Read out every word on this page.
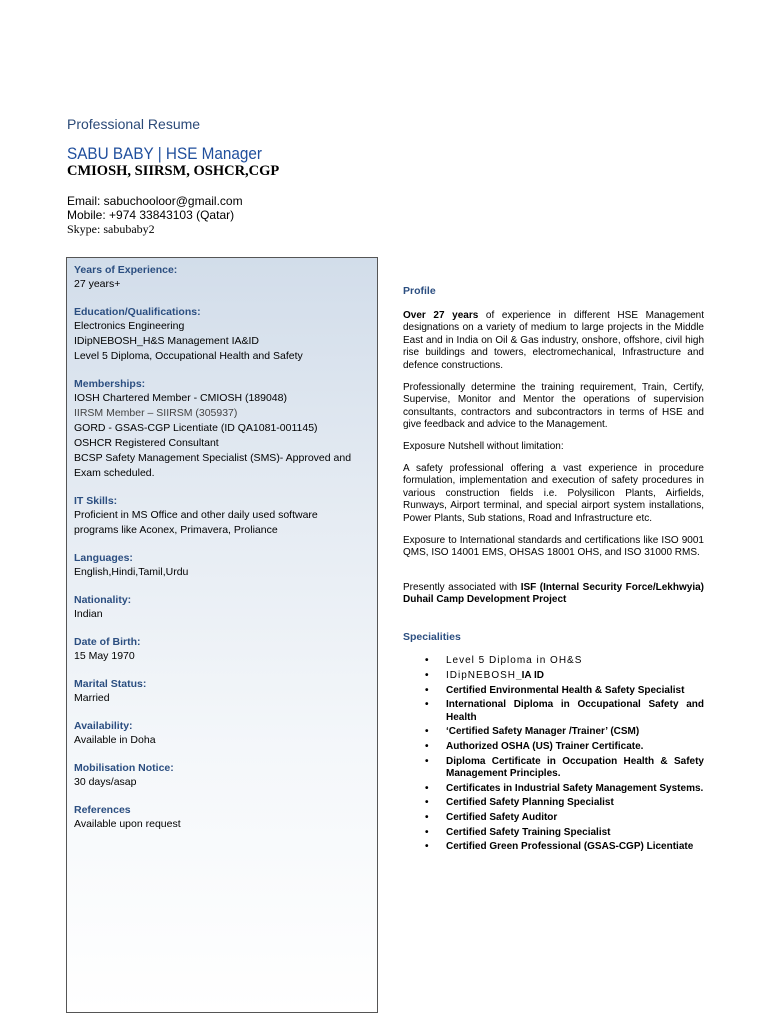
Professional Resume
SABU BABY | HSE Manager
CMIOSH, SIIRSM, OSHCR,CGP
Email: sabuchooloor@gmail.com
Mobile: +974 33843103 (Qatar)
Skype: sabubaby2

Years of Experience:

27 years+

Education/Qualifications:

Electronics Engineering

IDipNEBOSH_H&S Management IA&ID

Level 5 Diploma, Occupational Health and Safety

Memberships:

IOSH Chartered Member - CMIOSH (189048)

IIRSM Member – SIIRSM (305937)

GORD - GSAS-CGP Licentiate (ID QA1081-001145)

OSHCR Registered Consultant

BCSP Safety Management Specialist (SMS)- Approved and

Exam scheduled.

IT Skills:

Proficient in MS Office and other daily used software

programs like Aconex, Primavera, Proliance

Languages:

English,Hindi,Tamil,Urdu

Nationality:

Indian

Date of Birth:

15 May 1970

Marital Status:

Married

Availability:

Available in Doha

Mobilisation Notice:

30 days/asap

References

Available upon request

Profile

Over 27 years of experience in different HSE Management designations on a variety of medium to large projects in the Middle East and in India on Oil & Gas industry, onshore, offshore, civil high rise buildings and towers, electromechanical, Infrastructure and defence constructions.

Professionally determine the training requirement, Train, Certify, Supervise, Monitor and Mentor the operations of supervision consultants, contractors and subcontractors in terms of HSE and give feedback and advice to the Management.

Exposure Nutshell without limitation:

A safety professional offering a vast experience in procedure formulation, implementation and execution of safety procedures in various construction fields i.e. Polysilicon Plants, Airfields, Runways, Airport terminal, and special airport system installations, Power Plants, Sub stations, Road and Infrastructure etc.

Exposure to International standards and certifications like ISO 9001 QMS, ISO 14001 EMS, OHSAS 18001 OHS, and ISO 31000 RMS.

Presently associated with ISF (Internal Security Force/Lekhwyia) Duhail Camp Development Project

Specialities
• Level 5 Diploma in OH&S
• IDipNEBOSH_IA ID
• Certified Environmental Health & Safety Specialist
• International Diploma in Occupational Safety and Health
• ‘Certified Safety Manager /Trainer’ (CSM)
• Authorized OSHA (US) Trainer Certificate.
• Diploma Certificate in Occupation Health & Safety Management Principles.
• Certificates in Industrial Safety Management Systems.
• Certified Safety Planning Specialist
• Certified Safety Auditor
• Certified Safety Training Specialist
• Certified Green Professional (GSAS-CGP) Licentiate
